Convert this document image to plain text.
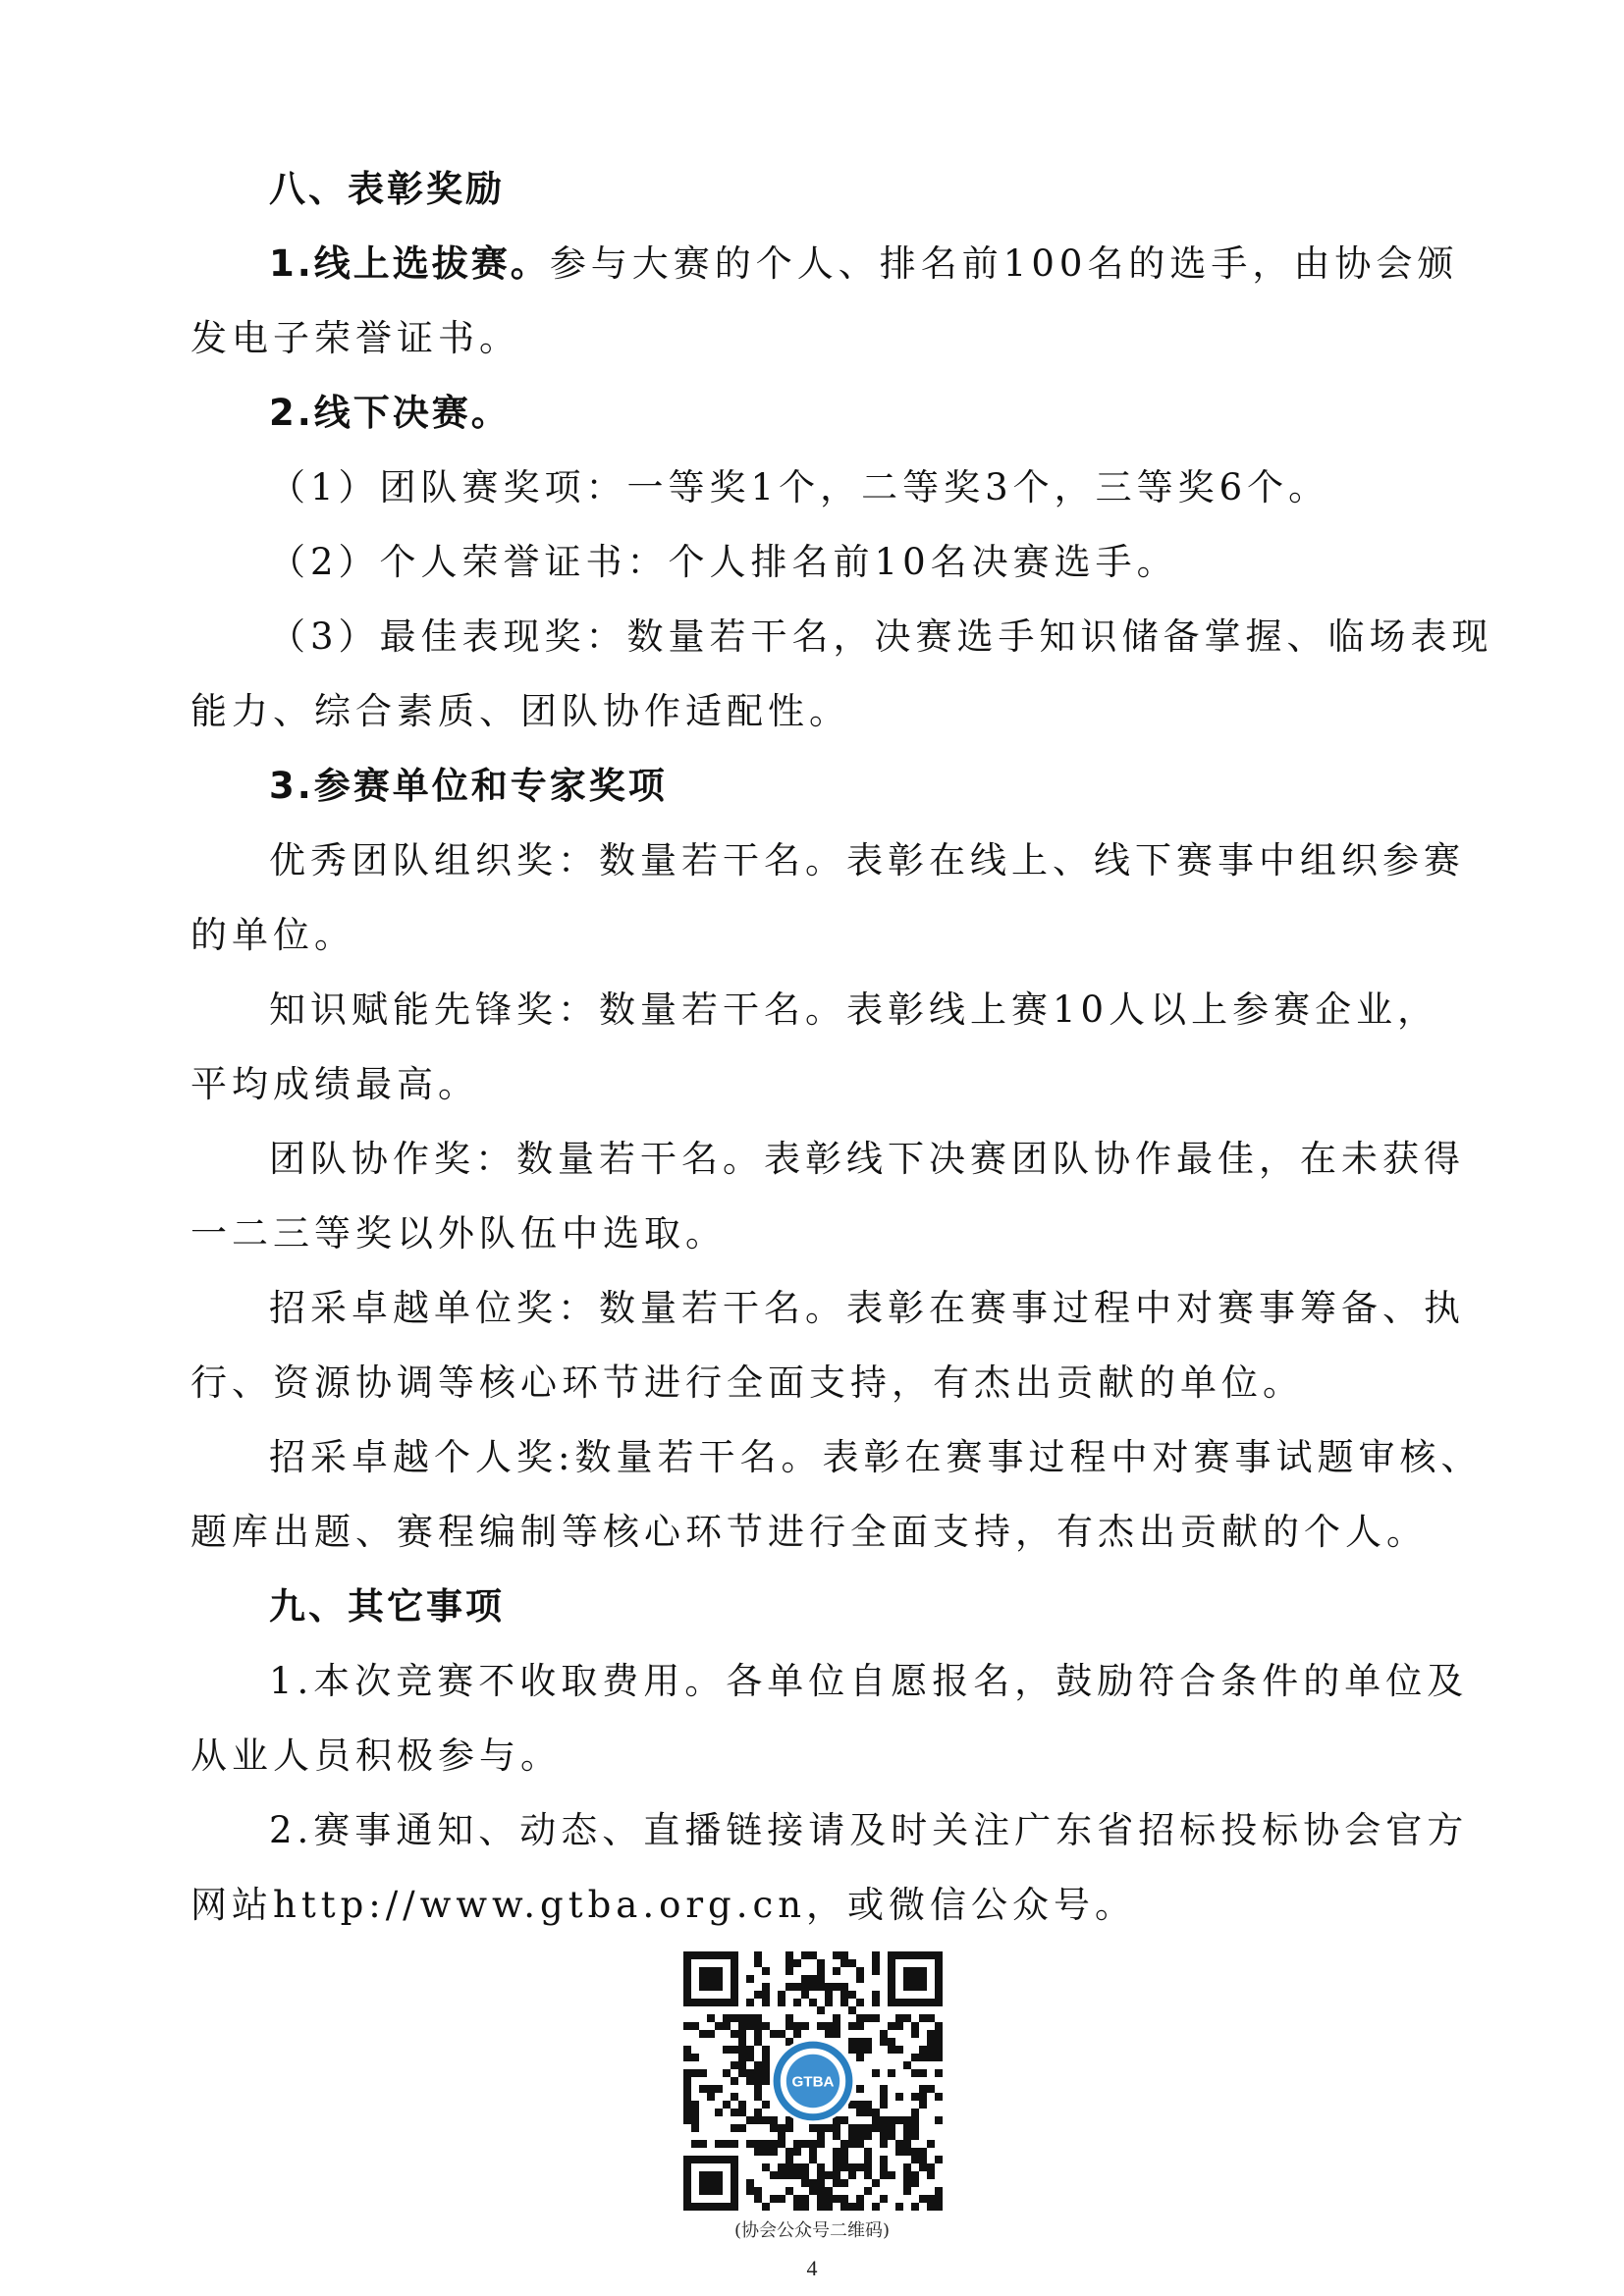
八、表彰奖励
1.线上选拔赛。参与大赛的个人、排名前100名的选手，由协会颁
发电子荣誉证书。
2.线下决赛。
（1）团队赛奖项：一等奖1个，二等奖3个，三等奖6个。
（2）个人荣誉证书：个人排名前10名决赛选手。
（3）最佳表现奖：数量若干名，决赛选手知识储备掌握、临场表现
能力、综合素质、团队协作适配性。
3.参赛单位和专家奖项
优秀团队组织奖：数量若干名。表彰在线上、线下赛事中组织参赛
的单位。
知识赋能先锋奖：数量若干名。表彰线上赛10人以上参赛企业，
平均成绩最高。
团队协作奖：数量若干名。表彰线下决赛团队协作最佳，在未获得
一二三等奖以外队伍中选取。
招采卓越单位奖：数量若干名。表彰在赛事过程中对赛事筹备、执
行、资源协调等核心环节进行全面支持，有杰出贡献的单位。
招采卓越个人奖:数量若干名。表彰在赛事过程中对赛事试题审核、
题库出题、赛程编制等核心环节进行全面支持，有杰出贡献的个人。
九、其它事项
1.本次竞赛不收取费用。各单位自愿报名，鼓励符合条件的单位及
从业人员积极参与。
2.赛事通知、动态、直播链接请及时关注广东省招标投标协会官方
网站http://www.gtba.org.cn，或微信公众号。
GTBA
(协会公众号二维码)
4
